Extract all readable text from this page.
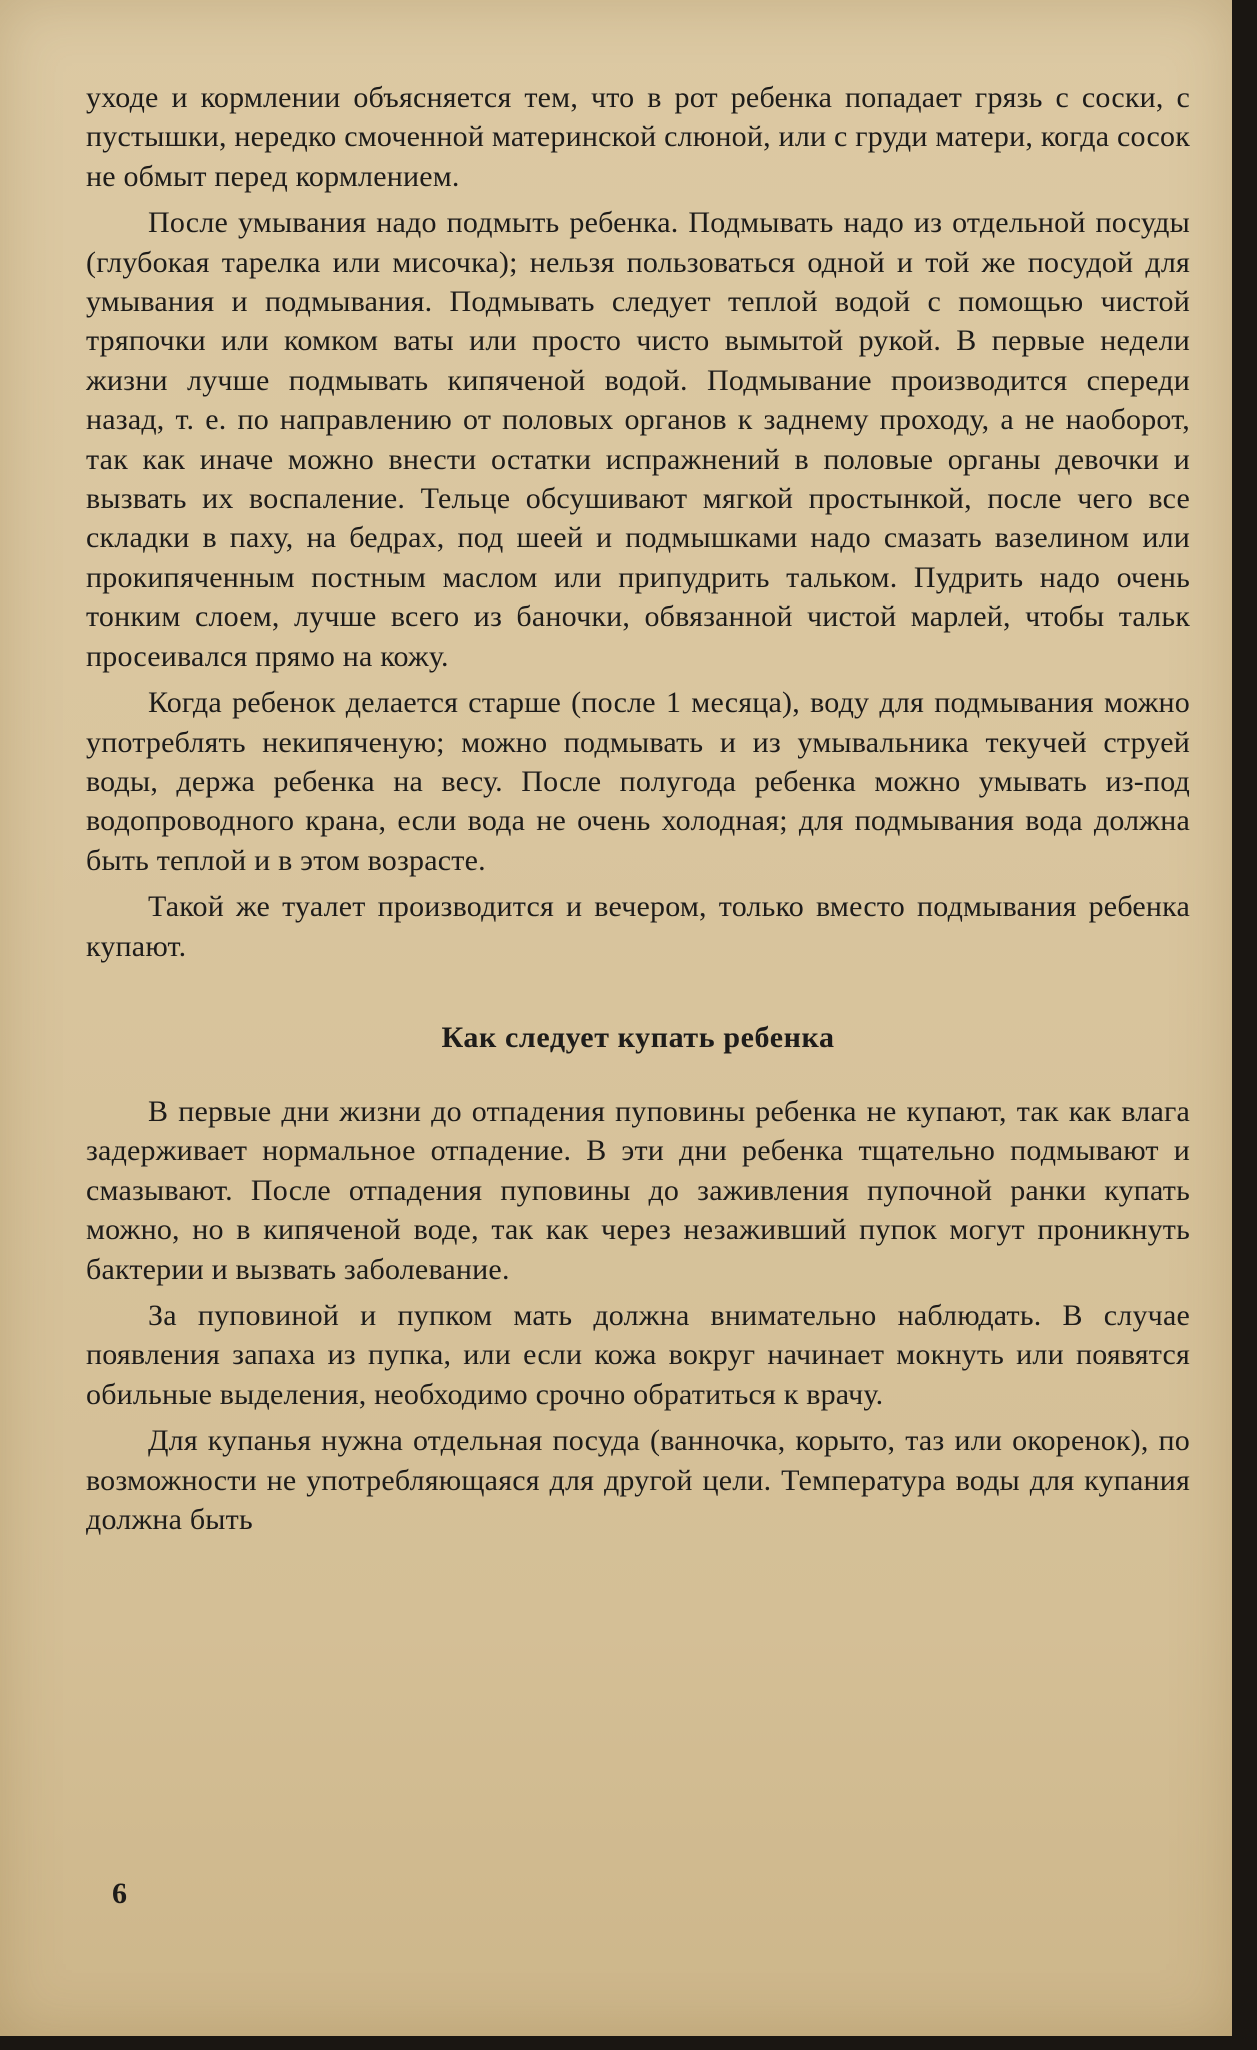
уходе и кормлении объясняется тем, что в рот ребенка попадает грязь с соски, с пустышки, нередко смоченной материнской слюной, или с груди матери, когда сосок не обмыт перед кормлением.

После умывания надо подмыть ребенка. Подмывать надо из отдельной посуды (глубокая тарелка или мисочка); нельзя пользоваться одной и той же посудой для умывания и подмывания. Подмывать следует теплой водой с помощью чистой тряпочки или комком ваты или просто чисто вымытой рукой. В первые недели жизни лучше подмывать кипяченой водой. Подмывание производится спереди назад, т. е. по направлению от половых органов к заднему проходу, а не наоборот, так как иначе можно внести остатки испражнений в половые органы девочки и вызвать их воспаление. Тельце обсушивают мягкой простынкой, после чего все складки в паху, на бедрах, под шеей и подмышками надо смазать вазелином или прокипяченным постным маслом или припудрить тальком. Пудрить надо очень тонким слоем, лучше всего из баночки, обвязанной чистой марлей, чтобы тальк просеивался прямо на кожу.

Когда ребенок делается старше (после 1 месяца), воду для подмывания можно употреблять некипяченую; можно подмывать и из умывальника текучей струей воды, держа ребенка на весу. После полугода ребенка можно умывать из-под водопроводного крана, если вода не очень холодная; для подмывания вода должна быть теплой и в этом возрасте.

Такой же туалет производится и вечером, только вместо подмывания ребенка купают.

Как следует купать ребенка

В первые дни жизни до отпадения пуповины ребенка не купают, так как влага задерживает нормальное отпадение. В эти дни ребенка тщательно подмывают и смазывают. После отпадения пуповины до заживления пупочной ранки купать можно, но в кипяченой воде, так как через незаживший пупок могут проникнуть бактерии и вызвать заболевание.

За пуповиной и пупком мать должна внимательно наблюдать. В случае появления запаха из пупка, или если кожа вокруг начинает мокнуть или появятся обильные выделения, необходимо срочно обратиться к врачу.

Для купанья нужна отдельная посуда (ванночка, корыто, таз или окоренок), по возможности не употребляющаяся для другой цели. Температура воды для купания должна быть

6
